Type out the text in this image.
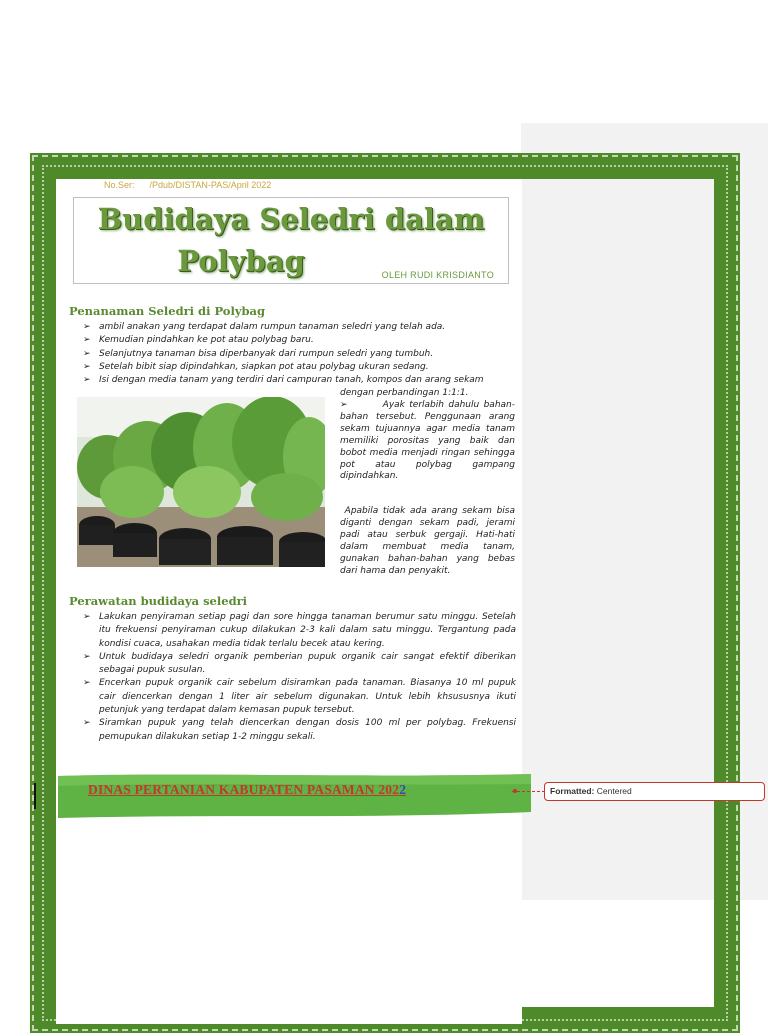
No.Ser:      /Pdub/DISTAN-PAS/April 2022
Budidaya Seledri dalam
Polybag	OLEH RUDI KRISDIANTO
Penanaman Seledri di Polybag
➢ ambil anakan yang terdapat dalam rumpun tanaman seledri yang telah ada.
➢ Kemudian pindahkan ke pot atau polybag baru.
➢ Selanjutnya tanaman bisa diperbanyak dari rumpun seledri yang tumbuh.
➢ Setelah bibit siap dipindahkan, siapkan pot atau polybag ukuran sedang.
➢ Isi dengan media tanam yang terdiri dari campuran tanah, kompos dan arang sekam
dengan perbandingan 1:1:1.
➢        Ayak terlabih dahulu bahan-bahan tersebut. Penggunaan arang sekam tujuannya agar media tanam memiliki porositas yang baik dan bobot media menjadi ringan sehingga pot atau polybag gampang dipindahkan.
Apabila tidak ada arang sekam bisa diganti dengan sekam padi, jerami padi atau serbuk gergaji. Hati-hati dalam membuat media tanam, gunakan bahan-bahan yang bebas dari hama dan penyakit.
Perawatan budidaya seledri
➢ Lakukan penyiraman setiap pagi dan sore hingga tanaman berumur satu minggu. Setelah itu frekuensi penyiraman cukup dilakukan 2-3 kali dalam satu minggu. Tergantung pada kondisi cuaca, usahakan media tidak terlalu becek atau kering.
➢ Untuk budidaya seledri organik pemberian pupuk organik cair sangat efektif diberikan sebagai pupuk susulan.
➢ Encerkan pupuk organik cair sebelum disiramkan pada tanaman. Biasanya 10 ml pupuk cair diencerkan dengan 1 liter air sebelum digunakan. Untuk lebih khsususnya ikuti petunjuk yang terdapat dalam kemasan pupuk tersebut.
➢ Siramkan pupuk yang telah diencerkan dengan dosis 100 ml per polybag. Frekuensi pemupukan dilakukan setiap 1-2 minggu sekali.
DINAS PERTANIAN KABUPATEN PASAMAN 2022	Formatted: Centered
